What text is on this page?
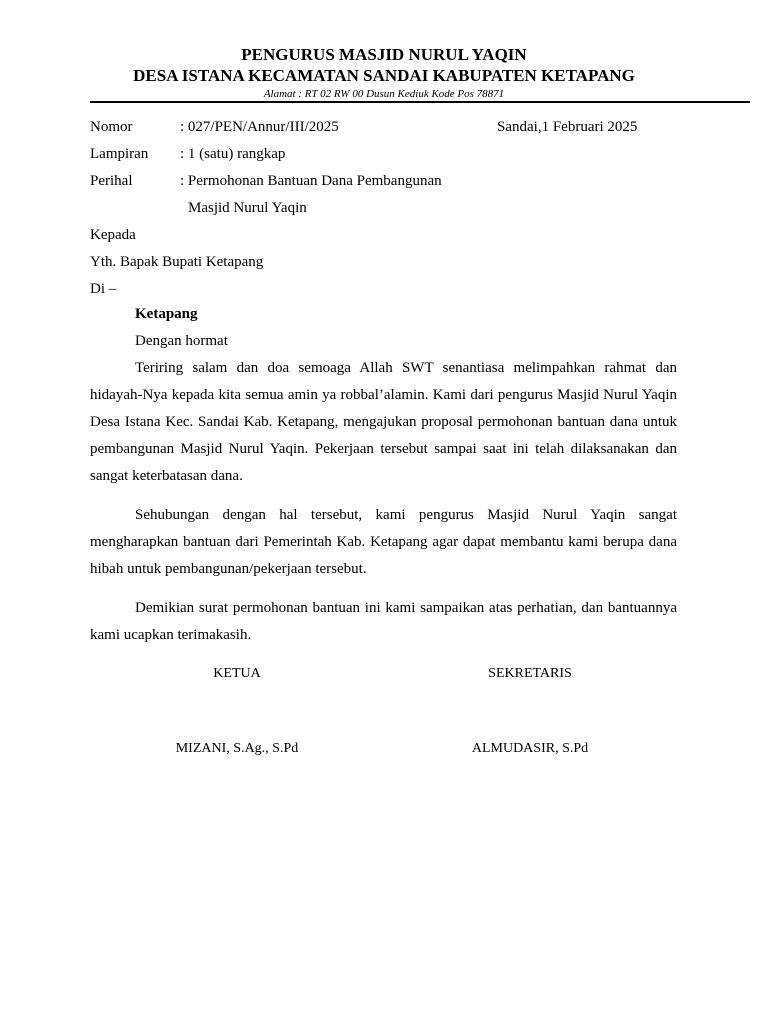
PENGURUS MASJID NURUL YAQIN
DESA ISTANA KECAMATAN SANDAI KABUPATEN KETAPANG
Alamat : RT 02 RW 00 Dusun Kediuk Kode Pos 78871
Nomor	: 027/PEN/Annur/III/2025	Sandai,1 Februari 2025
Lampiran : 1 (satu) rangkap
Perihal	: Permohonan Bantuan Dana Pembangunan
Masjid Nurul Yaqin
Kepada
Yth. Bapak Bupati Ketapang
Di –
Ketapang
Dengan hormat

Teriring salam dan doa semoaga Allah SWT senantiasa melimpahkan rahmat dan hidayah-Nya kepada kita semua amin ya robbal’alamin. Kami dari pengurus Masjid Nurul Yaqin Desa Istana Kec. Sandai Kab. Ketapang, mengajukan proposal permohonan bantuan dana untuk pembangunan Masjid Nurul Yaqin. Pekerjaan tersebut sampai saat ini telah dilaksanakan dan sangat keterbatasan dana.

Sehubungan dengan hal tersebut, kami pengurus Masjid Nurul Yaqin sangat mengharapkan bantuan dari Pemerintah Kab. Ketapang agar dapat membantu kami berupa dana hibah untuk pembangunan/pekerjaan tersebut.

Demikian surat permohonan bantuan ini kami sampaikan atas perhatian, dan bantuannya kami ucapkan terimakasih.

KETUA	SEKRETARIS
MIZANI, S.Ag., S.Pd	ALMUDASIR, S.Pd
